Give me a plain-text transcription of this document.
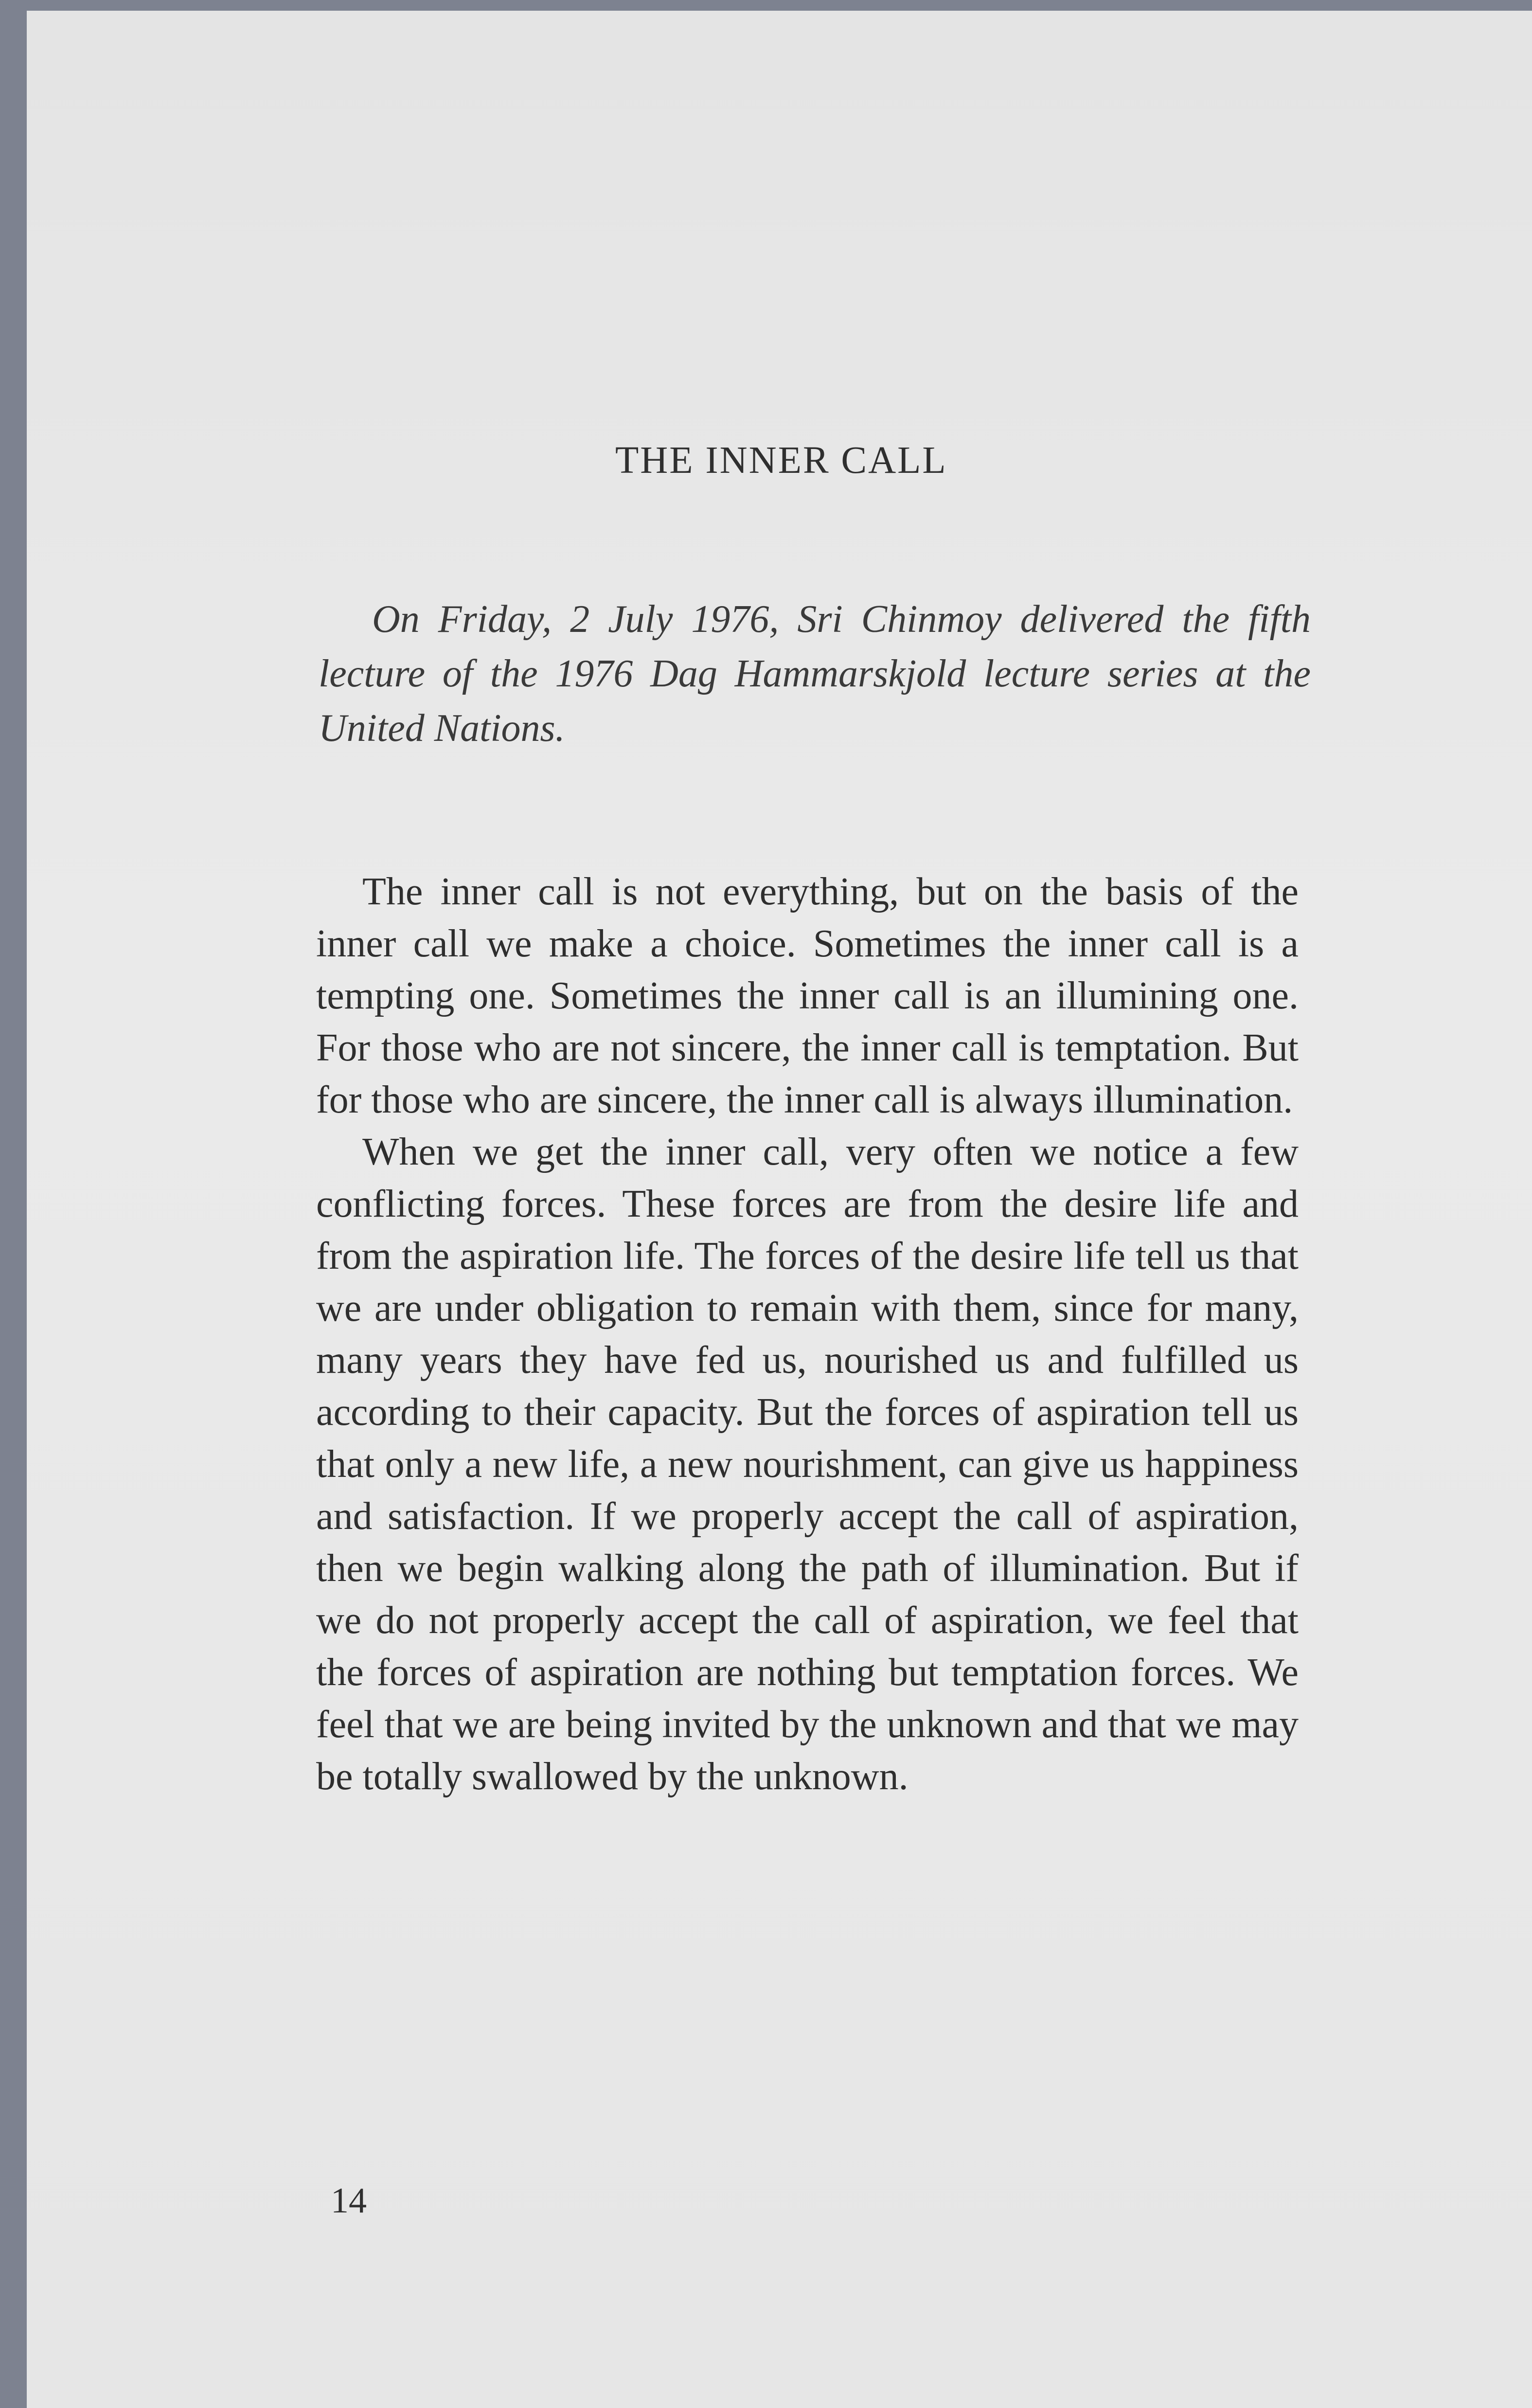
THE INNER CALL

On Friday, 2 July 1976, Sri Chinmoy delivered the fifth lecture of the 1976 Dag Hammarskjold lecture series at the United Nations.

The inner call is not everything, but on the basis of the inner call we make a choice. Sometimes the inner call is a tempting one. Sometimes the inner call is an illumining one. For those who are not sincere, the inner call is temptation. But for those who are sincere, the inner call is always illumination.

When we get the inner call, very often we notice a few conflicting forces. These forces are from the desire life and from the aspiration life. The forces of the desire life tell us that we are under obligation to remain with them, since for many, many years they have fed us, nourished us and fulfilled us according to their capacity. But the forces of aspiration tell us that only a new life, a new nourishment, can give us happiness and satisfaction. If we properly accept the call of aspiration, then we begin walking along the path of illumination. But if we do not properly accept the call of aspiration, we feel that the forces of aspiration are nothing but temptation forces. We feel that we are being invited by the unknown and that we may be totally swallowed by the unknown.

14
